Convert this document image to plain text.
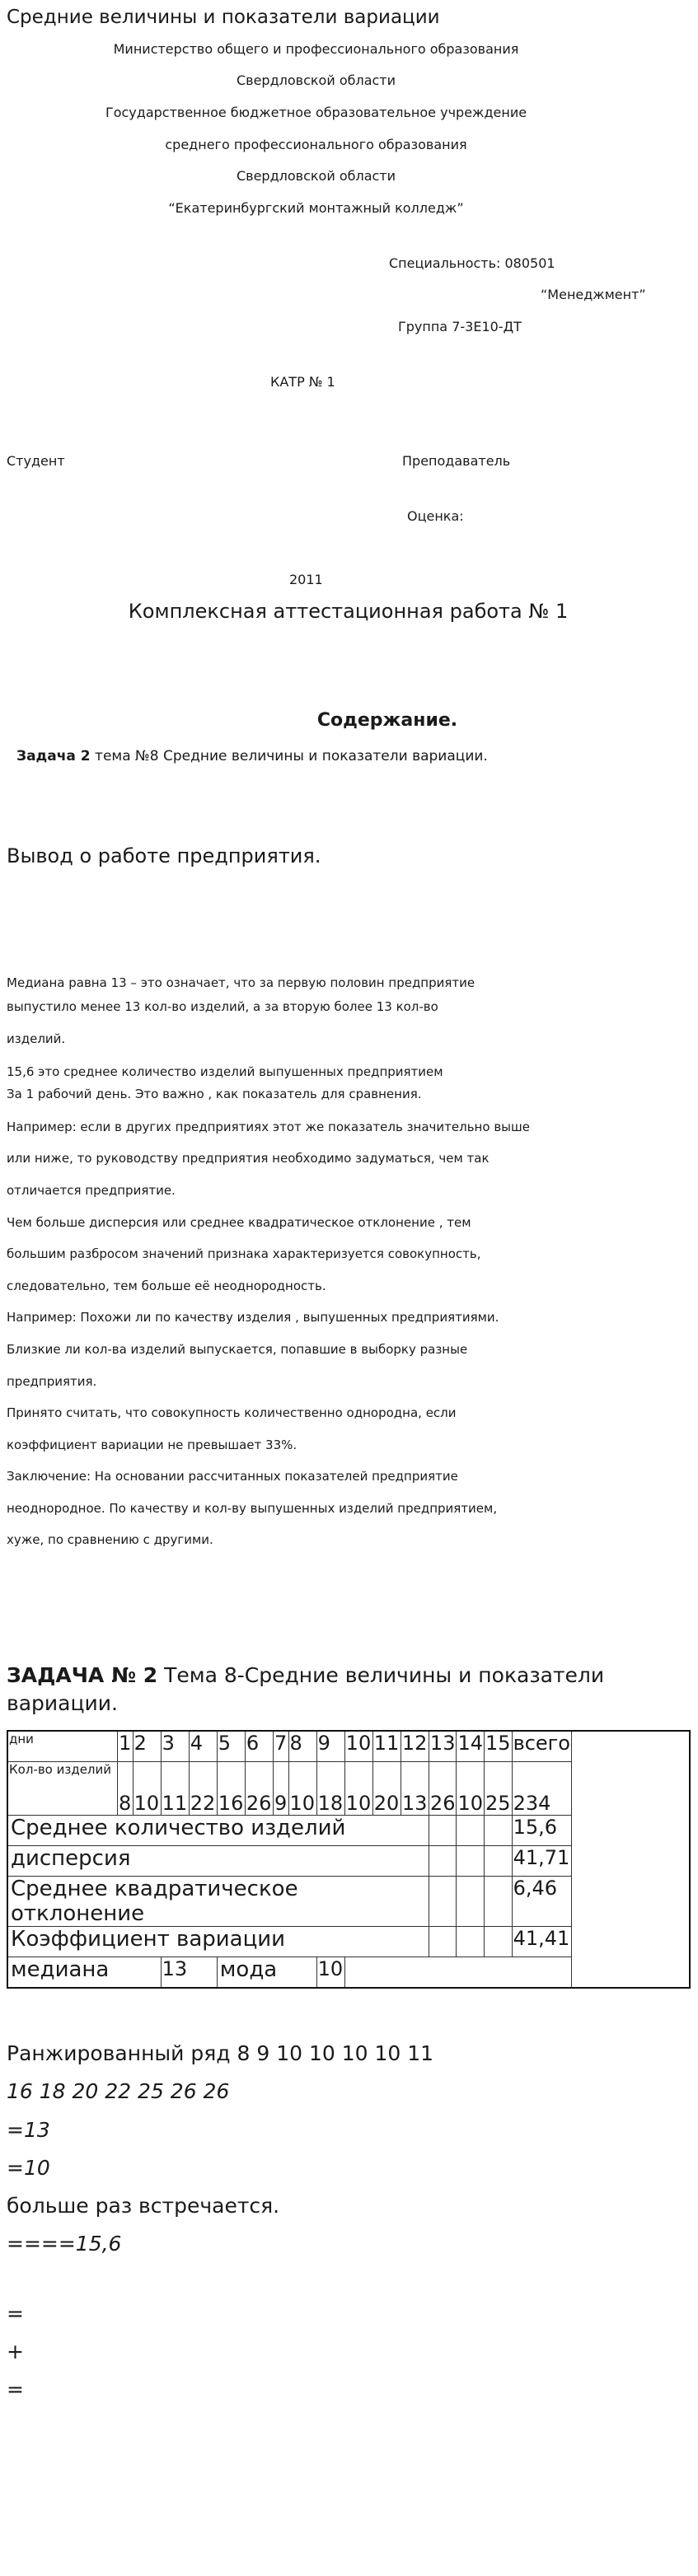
Средние величины и показатели вариации
Министерство общего и профессионального образования
Свердловской области
Государственное бюджетное образовательное учреждение
среднего профессионального образования
Свердловской области
“Екатеринбургский монтажный колледж”
Специальность: 080501
“Менеджмент”
Группа 7-3Е10-ДТ
КАТР № 1
Студент	Преподаватель
Оценка:
2011
Комплексная аттестационная работа № 1
Содержание.
Задача 2 тема №8 Средние величины и показатели вариации.
Вывод о работе предприятия.
Медиана равна 13 – это означает, что за первую половин предприятие
выпустило менее 13 кол-во изделий, а за вторую более 13 кол-во
изделий.
15,6 это среднее количество изделий выпушенных предприятием
За 1 рабочий день. Это важно , как показатель для сравнения.
Например: если в других предприятиях этот же показатель значительно выше
или ниже, то руководству предприятия необходимо задуматься, чем так
отличается предприятие.
Чем больше дисперсия или среднее квадратическое отклонение , тем
большим разбросом значений признака характеризуется совокупность,
следовательно, тем больше её неоднородность.
Например: Похожи ли по качеству изделия , выпушенных предприятиями.
Близкие ли кол-ва изделий выпускается, попавшие в выборку разные
предприятия.
Принято считать, что совокупность количественно однородна, если
коэффициент вариации не превышает 33%.
Заключение: На основании рассчитанных показателей предприятие
неоднородное. По качеству и кол-ву выпушенных изделий предприятием,
хуже, по сравнению с другими.
ЗАДАЧА № 2 Тема 8-Средние величины и показатели вариации.
дни	1	2	3	4	5	6	7	8	9	10	11	12	13	14	15	всего	
Кол-во изделий	8	10	11	22	16	26	9	10	18	10	20	13	26	10	25	234	
Среднее количество изделий																15,6	
дисперсия																41,71	
Среднее квадратическое отклонение																6,46	
Коэффициент вариации																41,41	
медиана			13		мода				10								
Ранжированный ряд 8 9 10 10 10 10 11
16 18 20 22 25 26 26
=13
=10
больше раз встречается.
====15,6
=
+
=
